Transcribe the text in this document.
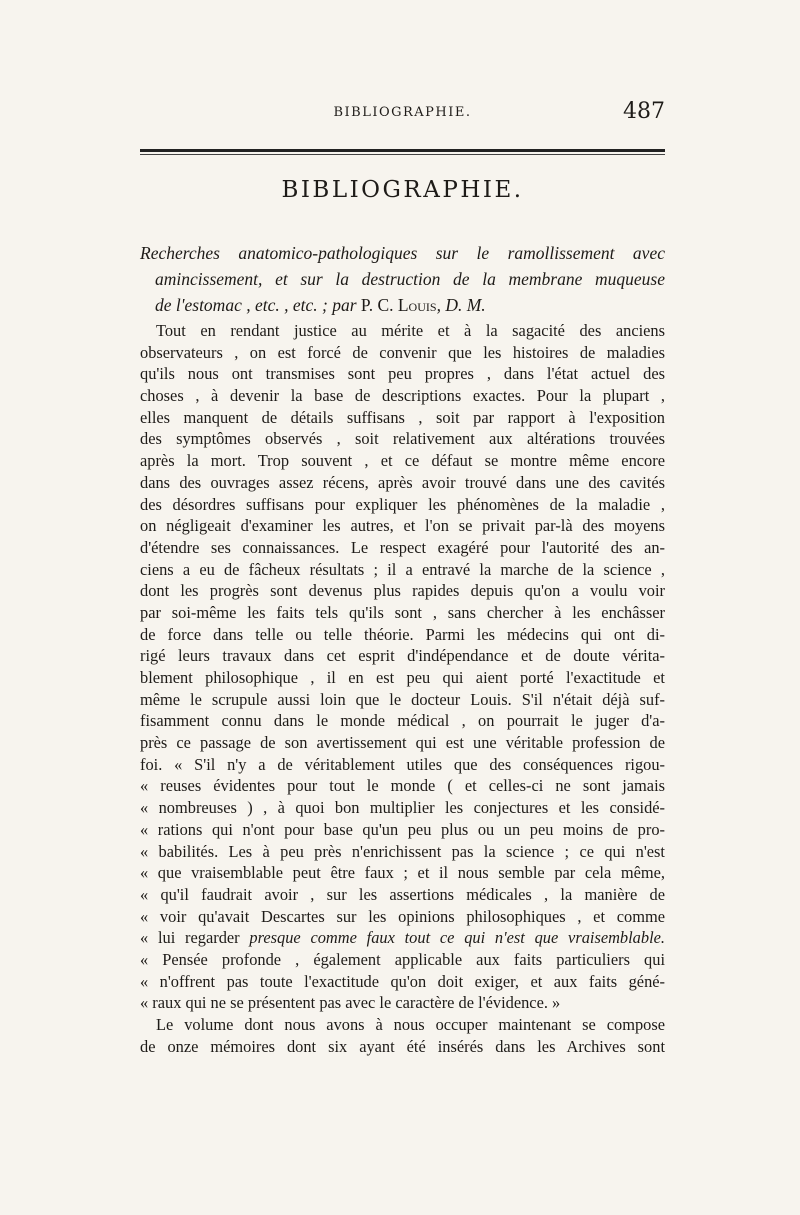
BIBLIOGRAPHIE.	487
BIBLIOGRAPHIE.
Recherches anatomico-pathologiques sur le ramollissement avec
amincissement, et sur la destruction de la membrane muqueuse
de l'estomac , etc. , etc. ; par P. C. Louis, D. M.
Tout en rendant justice au mérite et à la sagacité des anciens
observateurs , on est forcé de convenir que les histoires de maladies
qu'ils nous ont transmises sont peu propres , dans l'état actuel des
choses , à devenir la base de descriptions exactes. Pour la plupart ,
elles manquent de détails suffisans , soit par rapport à l'exposition
des symptômes observés , soit relativement aux altérations trouvées
après la mort. Trop souvent , et ce défaut se montre même encore
dans des ouvrages assez récens, après avoir trouvé dans une des cavités
des désordres suffisans pour expliquer les phénomènes de la maladie ,
on négligeait d'examiner les autres, et l'on se privait par-là des moyens
d'étendre ses connaissances. Le respect exagéré pour l'autorité des an-
ciens a eu de fâcheux résultats ; il a entravé la marche de la science ,
dont les progrès sont devenus plus rapides depuis qu'on a voulu voir
par soi-même les faits tels qu'ils sont , sans chercher à les enchâsser
de force dans telle ou telle théorie. Parmi les médecins qui ont di-
rigé leurs travaux dans cet esprit d'indépendance et de doute vérita-
blement philosophique , il en est peu qui aient porté l'exactitude et
même le scrupule aussi loin que le docteur Louis. S'il n'était déjà suf-
fisamment connu dans le monde médical , on pourrait le juger d'a-
près ce passage de son avertissement qui est une véritable profession de
foi. « S'il n'y a de véritablement utiles que des conséquences rigou-
« reuses évidentes pour tout le monde ( et celles-ci ne sont jamais
« nombreuses ) , à quoi bon multiplier les conjectures et les considé-
« rations qui n'ont pour base qu'un peu plus ou un peu moins de pro-
« babilités. Les à peu près n'enrichissent pas la science ; ce qui n'est
« que vraisemblable peut être faux ; et il nous semble par cela même,
« qu'il faudrait avoir , sur les assertions médicales , la manière de
« voir qu'avait Descartes sur les opinions philosophiques , et comme
« lui regarder presque comme faux tout ce qui n'est que vraisemblable.
« Pensée profonde , également applicable aux faits particuliers qui
« n'offrent pas toute l'exactitude qu'on doit exiger, et aux faits géné-
« raux qui ne se présentent pas avec le caractère de l'évidence. »
Le volume dont nous avons à nous occuper maintenant se compose
de onze mémoires dont six ayant été insérés dans les Archives sont
